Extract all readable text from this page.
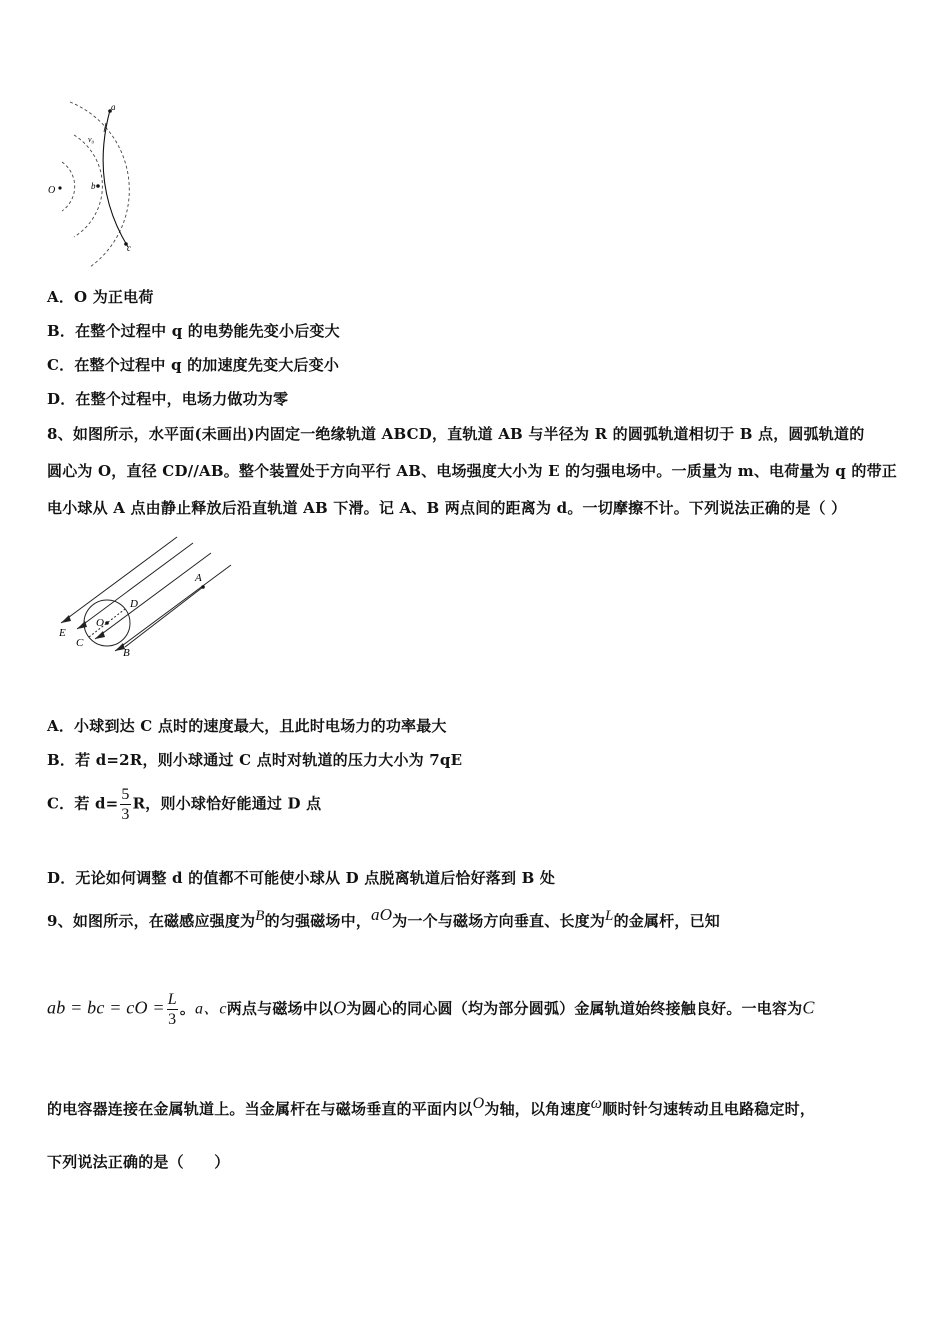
a
v₀
b
c
O
A．O 为正电荷
B．在整个过程中 q 的电势能先变小后变大
C．在整个过程中 q 的加速度先变大后变小
D．在整个过程中，电场力做功为零
8、如图所示，水平面(未画出)内固定一绝缘轨道 ABCD，直轨道 AB 与半径为 R 的圆弧轨道相切于 B 点，圆弧轨道的
圆心为 O，直径 CD//AB。整个装置处于方向平行 AB、电场强度大小为 E 的匀强电场中。一质量为 m、电荷量为 q 的带正
电小球从 A 点由静止释放后沿直轨道 AB 下滑。记 A、B 两点间的距离为 d。一切摩擦不计。下列说法正确的是（ ）
A
D
O
C
B
E
A．小球到达 C 点时的速度最大，且此时电场力的功率最大
B．若 d=2R，则小球通过 C 点时对轨道的压力大小为 7qE
C．若 $d= \frac{5}{3}$ R，则小球恰好能通过 D 点
D．无论如何调整 d 的值都不可能使小球从 D 点脱离轨道后恰好落到 B 处
9、如图所示，在磁感应强度为$^B$的匀强磁场中，$^{aO}$为一个与磁场方向垂直、长度为$^L$的金属杆，已知
ab = bc = cO = $\frac{L}{3}$ 。a、c两点与磁场中以O为圆心的同心圆（均为部分圆弧）金属轨道始终接触良好。一电容为C
的电容器连接在金属轨道上。当金属杆在与磁场垂直的平面内以$^O$为轴，以角速度$^\omega$顺时针匀速转动且电路稳定时，
下列说法正确的是（　　）
